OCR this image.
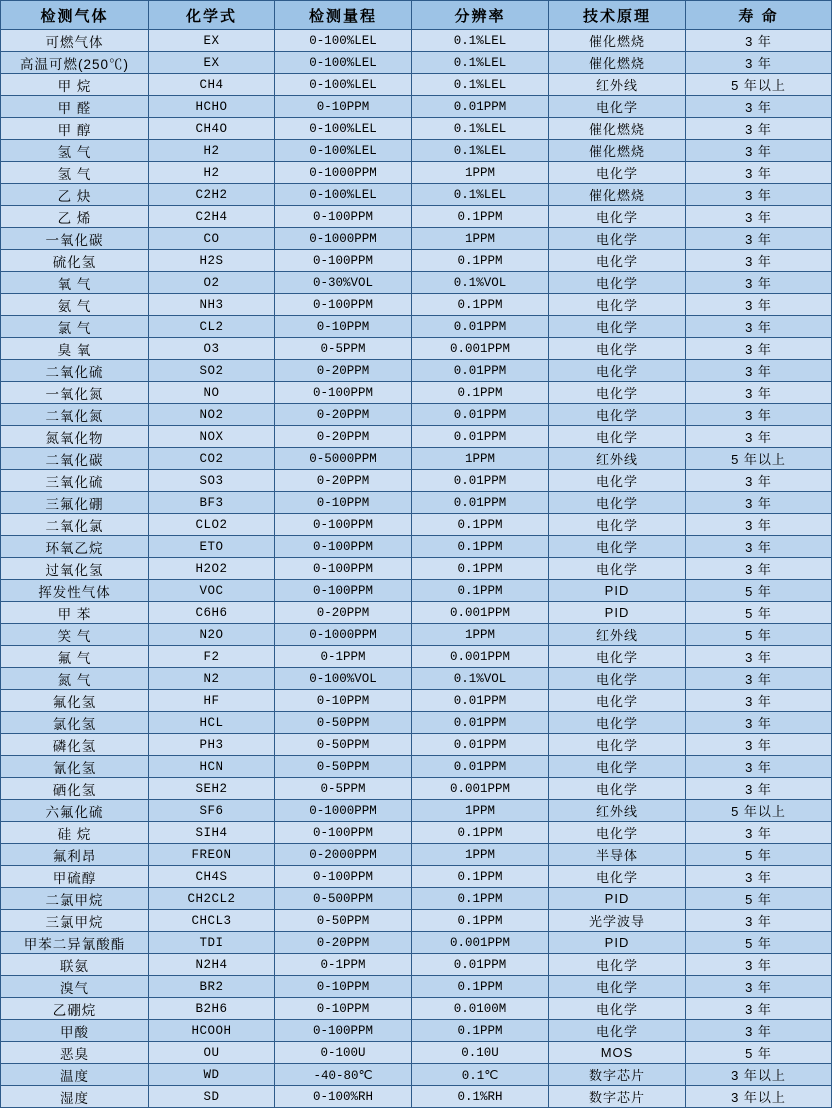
检测气体	化学式	检测量程	分辨率	技术原理	寿 命
可燃气体	EX	0-100%LEL	0.1%LEL	催化燃烧	3 年
高温可燃(250℃)	EX	0-100%LEL	0.1%LEL	催化燃烧	3 年
甲 烷	CH4	0-100%LEL	0.1%LEL	红外线	5 年以上
甲 醛	HCHO	0-10PPM	0.01PPM	电化学	3 年
甲 醇	CH4O	0-100%LEL	0.1%LEL	催化燃烧	3 年
氢 气	H2	0-100%LEL	0.1%LEL	催化燃烧	3 年
氢 气	H2	0-1000PPM	1PPM	电化学	3 年
乙 炔	C2H2	0-100%LEL	0.1%LEL	催化燃烧	3 年
乙 烯	C2H4	0-100PPM	0.1PPM	电化学	3 年
一氧化碳	CO	0-1000PPM	1PPM	电化学	3 年
硫化氢	H2S	0-100PPM	0.1PPM	电化学	3 年
氧 气	O2	0-30%VOL	0.1%VOL	电化学	3 年
氨 气	NH3	0-100PPM	0.1PPM	电化学	3 年
氯 气	CL2	0-10PPM	0.01PPM	电化学	3 年
臭 氧	O3	0-5PPM	0.001PPM	电化学	3 年
二氧化硫	SO2	0-20PPM	0.01PPM	电化学	3 年
一氧化氮	NO	0-100PPM	0.1PPM	电化学	3 年
二氧化氮	NO2	0-20PPM	0.01PPM	电化学	3 年
氮氧化物	NOX	0-20PPM	0.01PPM	电化学	3 年
二氧化碳	CO2	0-5000PPM	1PPM	红外线	5 年以上
三氧化硫	SO3	0-20PPM	0.01PPM	电化学	3 年
三氟化硼	BF3	0-10PPM	0.01PPM	电化学	3 年
二氧化氯	CLO2	0-100PPM	0.1PPM	电化学	3 年
环氧乙烷	ETO	0-100PPM	0.1PPM	电化学	3 年
过氧化氢	H2O2	0-100PPM	0.1PPM	电化学	3 年
挥发性气体	VOC	0-100PPM	0.1PPM	PID	5 年
甲 苯	C6H6	0-20PPM	0.001PPM	PID	5 年
笑 气	N2O	0-1000PPM	1PPM	红外线	5 年
氟 气	F2	0-1PPM	0.001PPM	电化学	3 年
氮 气	N2	0-100%VOL	0.1%VOL	电化学	3 年
氟化氢	HF	0-10PPM	0.01PPM	电化学	3 年
氯化氢	HCL	0-50PPM	0.01PPM	电化学	3 年
磷化氢	PH3	0-50PPM	0.01PPM	电化学	3 年
氰化氢	HCN	0-50PPM	0.01PPM	电化学	3 年
硒化氢	SEH2	0-5PPM	0.001PPM	电化学	3 年
六氟化硫	SF6	0-1000PPM	1PPM	红外线	5 年以上
硅 烷	SIH4	0-100PPM	0.1PPM	电化学	3 年
氟利昂	FREON	0-2000PPM	1PPM	半导体	5 年
甲硫醇	CH4S	0-100PPM	0.1PPM	电化学	3 年
二氯甲烷	CH2CL2	0-500PPM	0.1PPM	PID	5 年
三氯甲烷	CHCL3	0-50PPM	0.1PPM	光学波导	3 年
甲苯二异氰酸酯	TDI	0-20PPM	0.001PPM	PID	5 年
联氨	N2H4	0-1PPM	0.01PPM	电化学	3 年
溴气	BR2	0-10PPM	0.1PPM	电化学	3 年
乙硼烷	B2H6	0-10PPM	0.0100M	电化学	3 年
甲酸	HCOOH	0-100PPM	0.1PPM	电化学	3 年
恶臭	OU	0-100U	0.10U	MOS	5 年
温度	WD	-40-80℃	0.1℃	数字芯片	3 年以上
湿度	SD	0-100%RH	0.1%RH	数字芯片	3 年以上
